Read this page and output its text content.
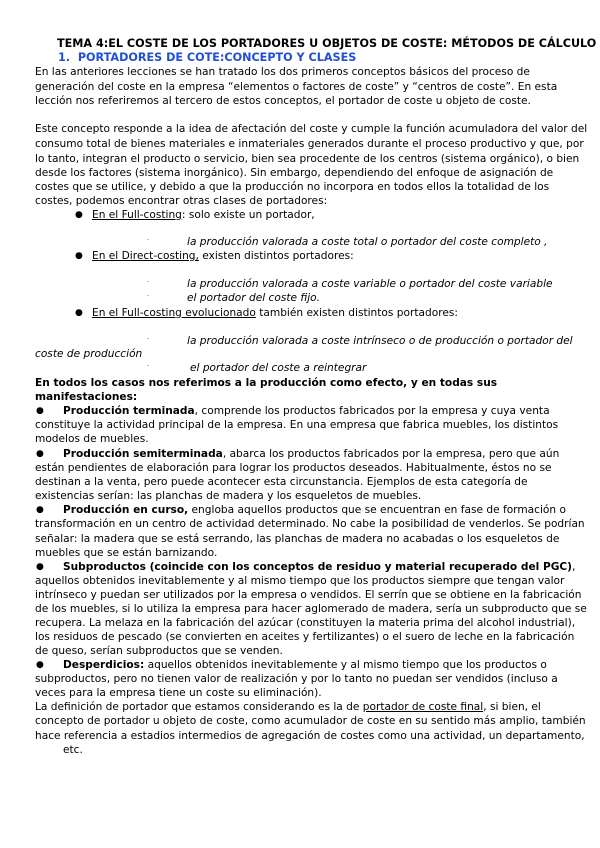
TEMA 4:EL COSTE DE LOS PORTADORES U OBJETOS DE COSTE: MÉTODOS DE CÁLCULO
1. PORTADORES DE COTE:CONCEPTO Y CLASES
En las anteriores lecciones se han tratado los dos primeros conceptos básicos del proceso de
generación del coste en la empresa “elementos o factores de coste” y “centros de coste”. En esta
lección nos referiremos al tercero de estos conceptos, el portador de coste u objeto de coste.
Este concepto responde a la idea de afectación del coste y cumple la función acumuladora del valor del
consumo total de bienes materiales e inmateriales generados durante el proceso productivo y que, por
lo tanto, integran el producto o servicio, bien sea procedente de los centros (sistema orgánico), o bien
desde los factores (sistema inorgánico). Sin embargo, dependiendo del enfoque de asignación de
costes que se utilice, y debido a que la producción no incorpora en todos ellos la totalidad de los
costes, podemos encontrar otras clases de portadores:
● En el Full-costing: solo existe un portador,
·	la producción valorada a coste total o portador del coste completo ,
● En el Direct-costing, existen distintos portadores:
·	la producción valorada a coste variable o portador del coste variable
·	el portador del coste fijo.
● En el Full-costing evolucionado también existen distintos portadores:
·	la producción valorada a coste intrínseco o de producción o portador del
coste de producción
·	el portador del coste a reintegrar
En todos los casos nos referimos a la producción como efecto, y en todas sus
manifestaciones:
● Producción terminada, comprende los productos fabricados por la empresa y cuya venta
constituye la actividad principal de la empresa. En una empresa que fabrica muebles, los distintos
modelos de muebles.
● Producción semiterminada, abarca los productos fabricados por la empresa, pero que aún
están pendientes de elaboración para lograr los productos deseados. Habitualmente, éstos no se
destinan a la venta, pero puede acontecer esta circunstancia. Ejemplos de esta categoría de
existencias serían: las planchas de madera y los esqueletos de muebles.
● Producción en curso, engloba aquellos productos que se encuentran en fase de formación o
transformación en un centro de actividad determinado. No cabe la posibilidad de venderlos. Se podrían
señalar: la madera que se está serrando, las planchas de madera no acabadas o los esqueletos de
muebles que se están barnizando.
● Subproductos (coincide con los conceptos de residuo y material recuperado del PGC),
aquellos obtenidos inevitablemente y al mismo tiempo que los productos siempre que tengan valor
intrínseco y puedan ser utilizados por la empresa o vendidos. El serrín que se obtiene en la fabricación
de los muebles, si lo utiliza la empresa para hacer aglomerado de madera, sería un subproducto que se
recupera. La melaza en la fabricación del azúcar (constituyen la materia prima del alcohol industrial),
los residuos de pescado (se convierten en aceites y fertilizantes) o el suero de leche en la fabricación
de queso, serían subproductos que se venden.
● Desperdicios: aquellos obtenidos inevitablemente y al mismo tiempo que los productos o
subproductos, pero no tienen valor de realización y por lo tanto no puedan ser vendidos (incluso a
veces para la empresa tiene un coste su eliminación).
La definición de portador que estamos considerando es la de portador de coste final, si bien, el
concepto de portador u objeto de coste, como acumulador de coste en su sentido más amplio, también
hace referencia a estadios intermedios de agregación de costes como una actividad, un departamento,
etc.
